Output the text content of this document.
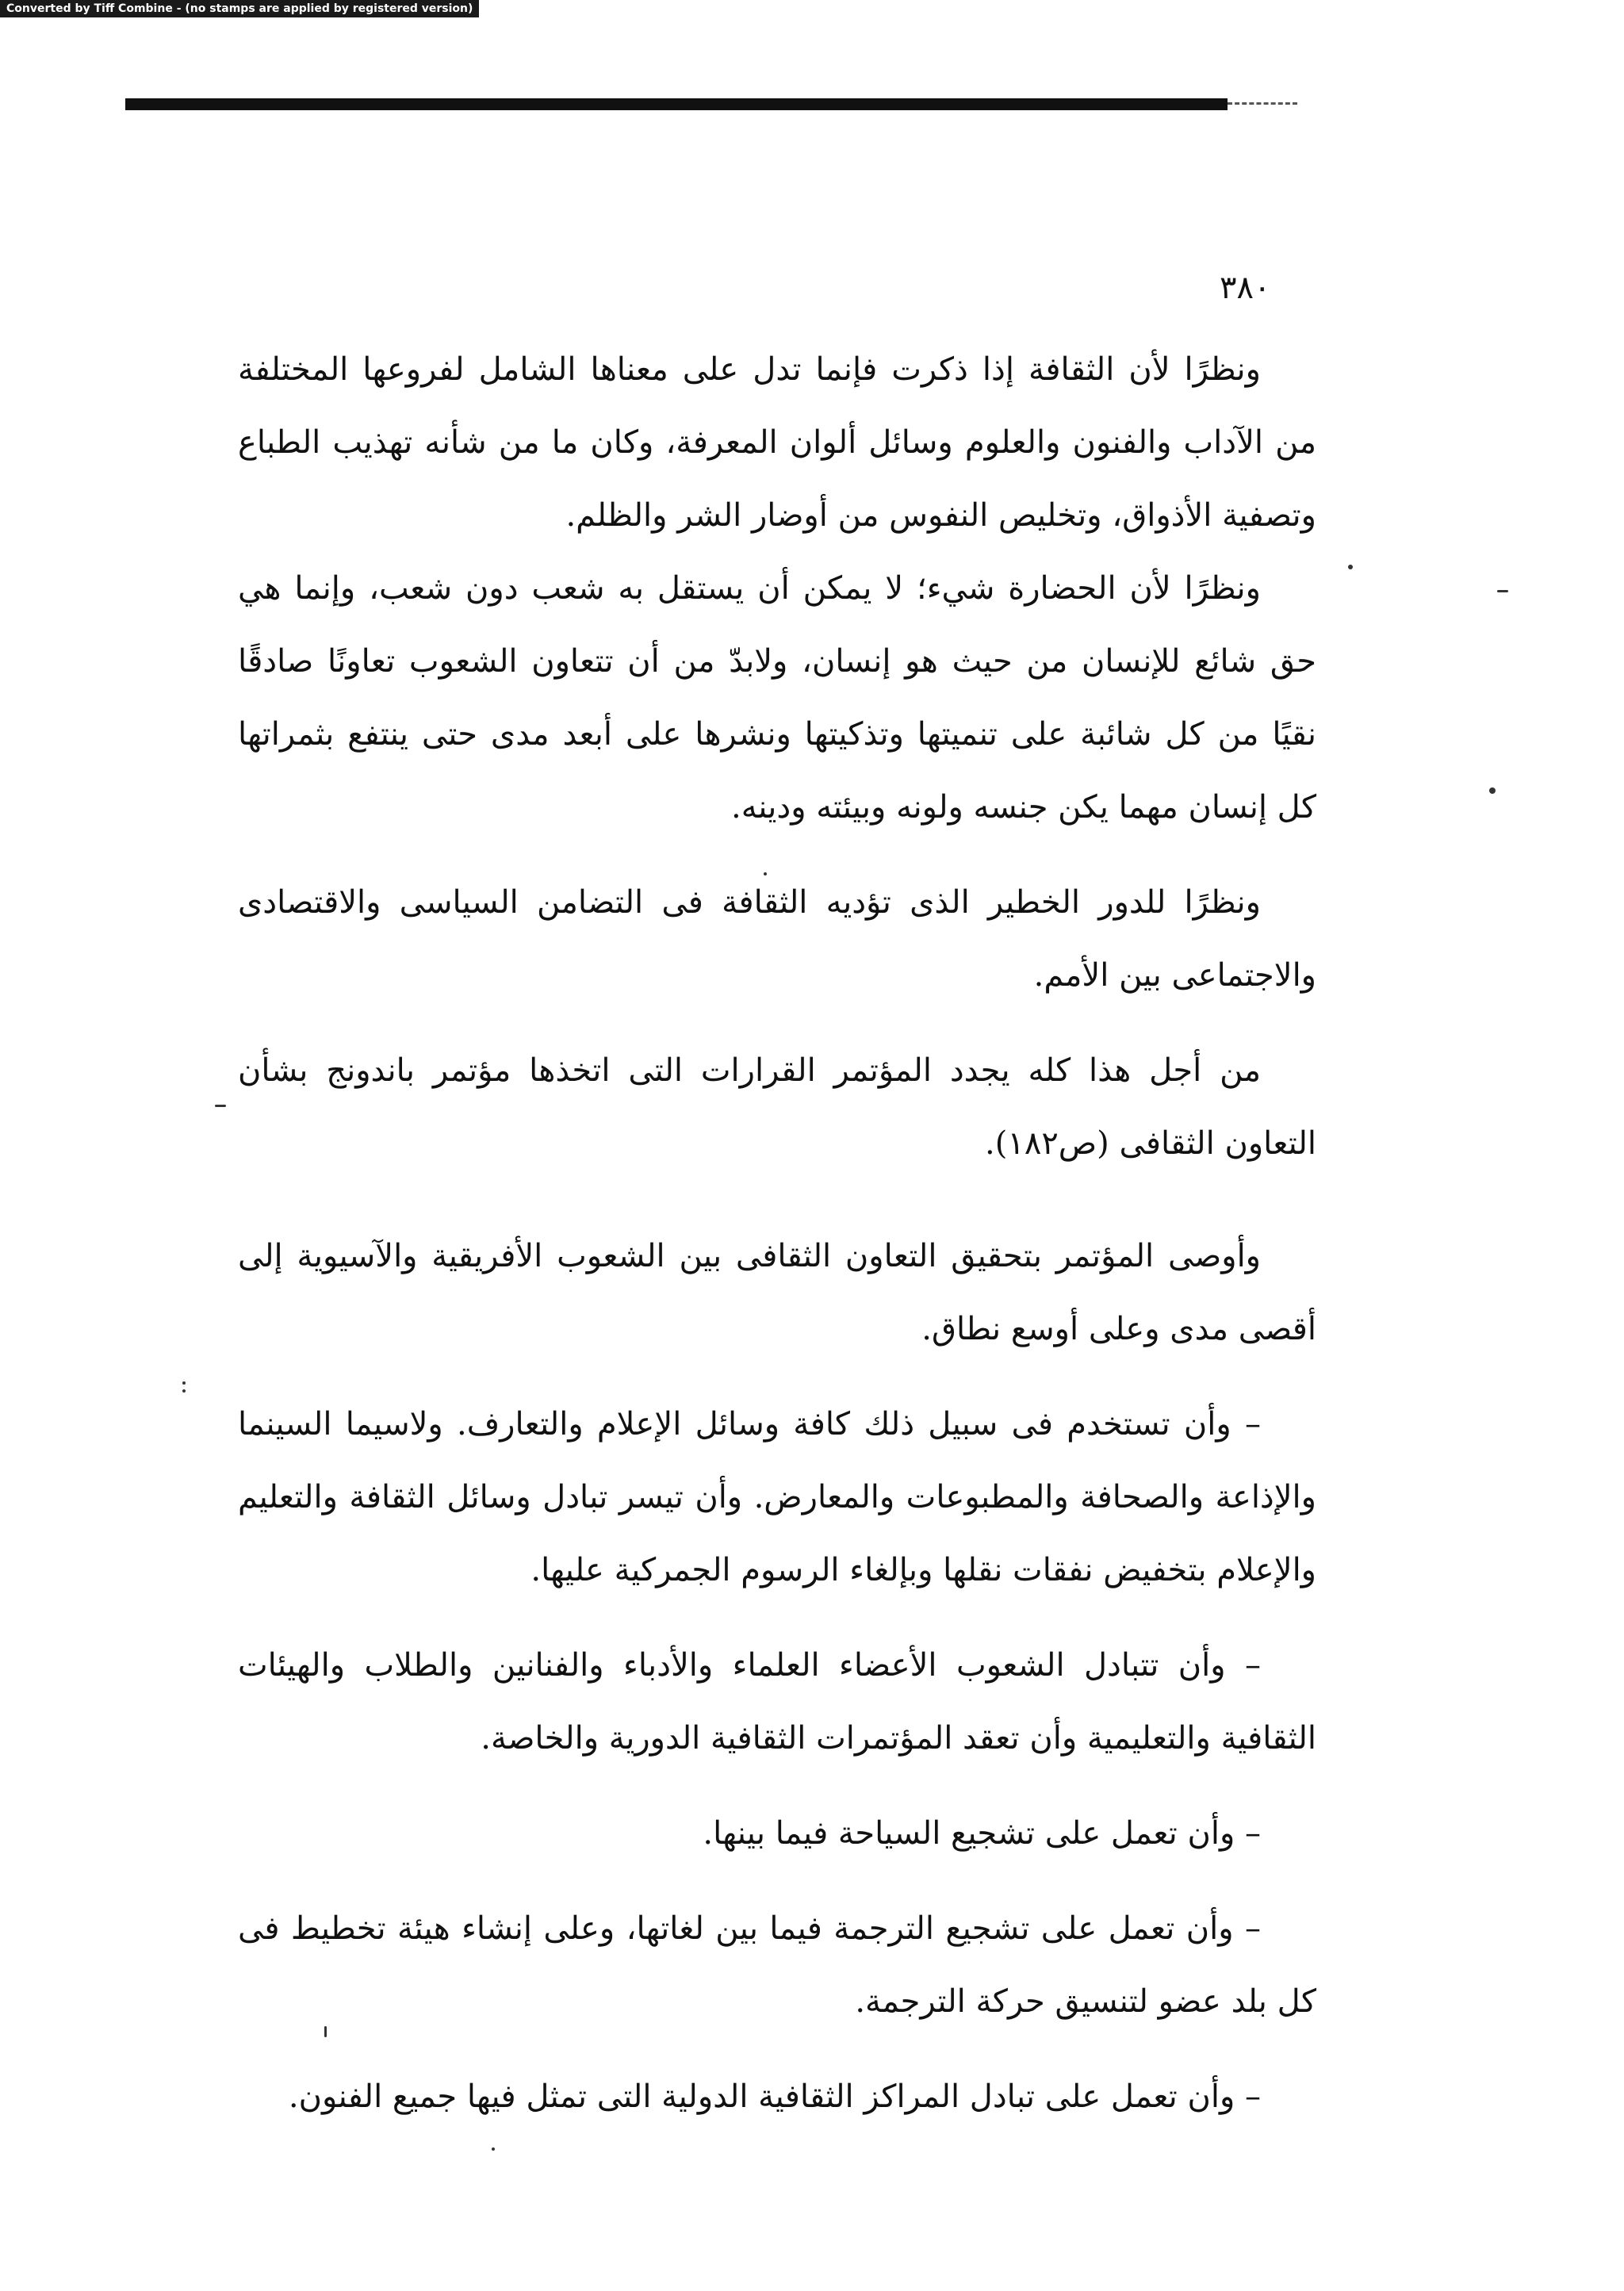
Converted by Tiff Combine - (no stamps are applied by registered version)
٣٨٠

ونظرًا لأن الثقافة إذا ذكرت فإنما تدل على معناها الشامل لفروعها المختلفة من الآداب والفنون والعلوم وسائل ألوان المعرفة، وكان ما من شأنه تهذيب الطباع وتصفية الأذواق، وتخليص النفوس من أوضار الشر والظلم.

ونظرًا لأن الحضارة شيء؛ لا يمكن أن يستقل به شعب دون شعب، وإنما هي حق شائع للإنسان من حيث هو إنسان، ولابدّ من أن تتعاون الشعوب تعاونًا صادقًا نقيًا من كل شائبة على تنميتها وتذكيتها ونشرها على أبعد مدى حتى ينتفع بثمراتها كل إنسان مهما يكن جنسه ولونه وبيئته ودينه.

ونظرًا للدور الخطير الذى تؤديه الثقافة فى التضامن السياسى والاقتصادى والاجتماعى بين الأمم.

من أجل هذا كله يجدد المؤتمر القرارات التى اتخذها مؤتمر باندونج بشأن التعاون الثقافى (ص١٨٢).

وأوصى المؤتمر بتحقيق التعاون الثقافى بين الشعوب الأفريقية والآسيوية إلى أقصى مدى وعلى أوسع نطاق.

– وأن تستخدم فى سبيل ذلك كافة وسائل الإعلام والتعارف. ولاسيما السينما والإذاعة والصحافة والمطبوعات والمعارض. وأن تيسر تبادل وسائل الثقافة والتعليم والإعلام بتخفيض نفقات نقلها وبإلغاء الرسوم الجمركية عليها.

– وأن تتبادل الشعوب الأعضاء العلماء والأدباء والفنانين والطلاب والهيئات الثقافية والتعليمية وأن تعقد المؤتمرات الثقافية الدورية والخاصة.

– وأن تعمل على تشجيع السياحة فيما بينها.

– وأن تعمل على تشجيع الترجمة فيما بين لغاتها، وعلى إنشاء هيئة تخطيط فى كل بلد عضو لتنسيق حركة الترجمة.

– وأن تعمل على تبادل المراكز الثقافية الدولية التى تمثل فيها جميع الفنون.
